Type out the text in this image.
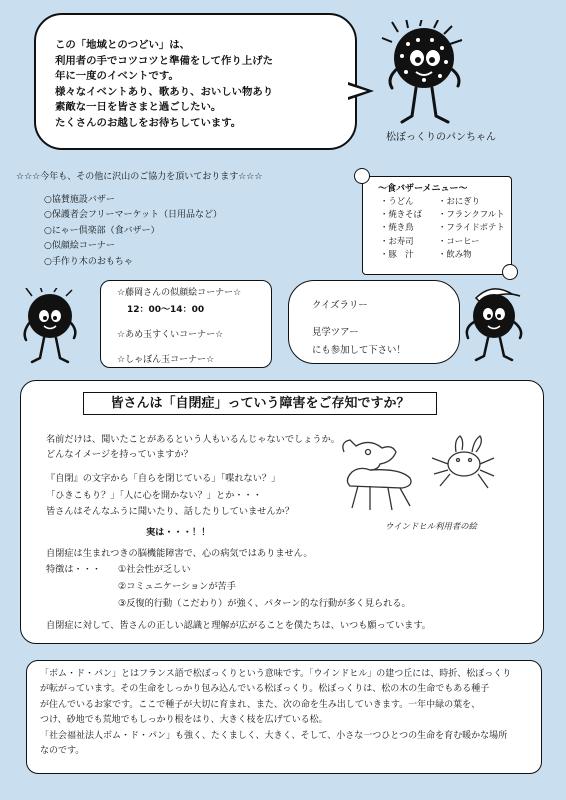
この「地域とのつどい」は、
利用者の手でコツコツと準備をして作り上げた
年に一度のイベントです。
様々なイベントあり、歌あり、おいしい物あり
素敵な一日を皆さまと過ごしたい。
たくさんのお越しをお待ちしています。
松ぼっくりのパンちゃん
☆☆☆今年も、その他に沢山のご協力を頂いております☆☆☆
○協賛施設バザー
○保護者会フリーマーケット（日用品など）
○にゃー倶楽部（食バザー）
○似顔絵コーナー
○手作り木のおもちゃ
～食バザーメニュー～
・うどん	・おにぎり
・焼きそば	・フランクフルト
・焼き鳥	・フライドポテト
・お寿司	・コーヒー
・豚　汁	・飲み物
☆藤岡さんの似顔絵コーナー☆
12：00～14：00
☆あめ玉すくいコーナー☆
☆しゃぼん玉コーナー☆
クイズラリー
見学ツアー
にも参加して下さい！
皆さんは「自閉症」っていう障害をご存知ですか？
名前だけは、聞いたことがあるという人もいるんじゃないでしょうか。
どんなイメージを持っていますか？
『自閉』の文字から「自らを閉じている」「喋れない？」
「ひきこもり？」「人に心を開かない？」とか・・・
皆さんはそんなふうに聞いたり、話したりしていませんか？
実は・・・！！
自閉症は生まれつきの脳機能障害で、心の病気ではありません。
特徴は・・・ ①社会性が乏しい
②コミュニケーションが苦手
③反復的行動（こだわり）が強く、パターン的な行動が多く見られる。
自閉症に対して、皆さんの正しい認識と理解が広がることを僕たちは、いつも願っています。
ウインドヒル利用者の絵
「ボム・ド・パン」とはフランス語で松ぼっくりという意味です。「ウインドヒル」の建つ丘には、時折、松ぼっくり
が転がっています。その生命をしっかり包み込んでいる松ぼっくり。松ぼっくりは、松の木の生命でもある種子
が住んでいるお家です。ここで種子が大切に育まれ、また、次の命を生み出していきます。一年中緑の葉を、
つけ、砂地でも荒地でもしっかり根をはり、大きく枝を広げている松。
「社会福祉法人ボム・ド・パン」も強く、たくましく、大きく、そして、小さな一つひとつの生命を育む暖かな場所
なのです。
